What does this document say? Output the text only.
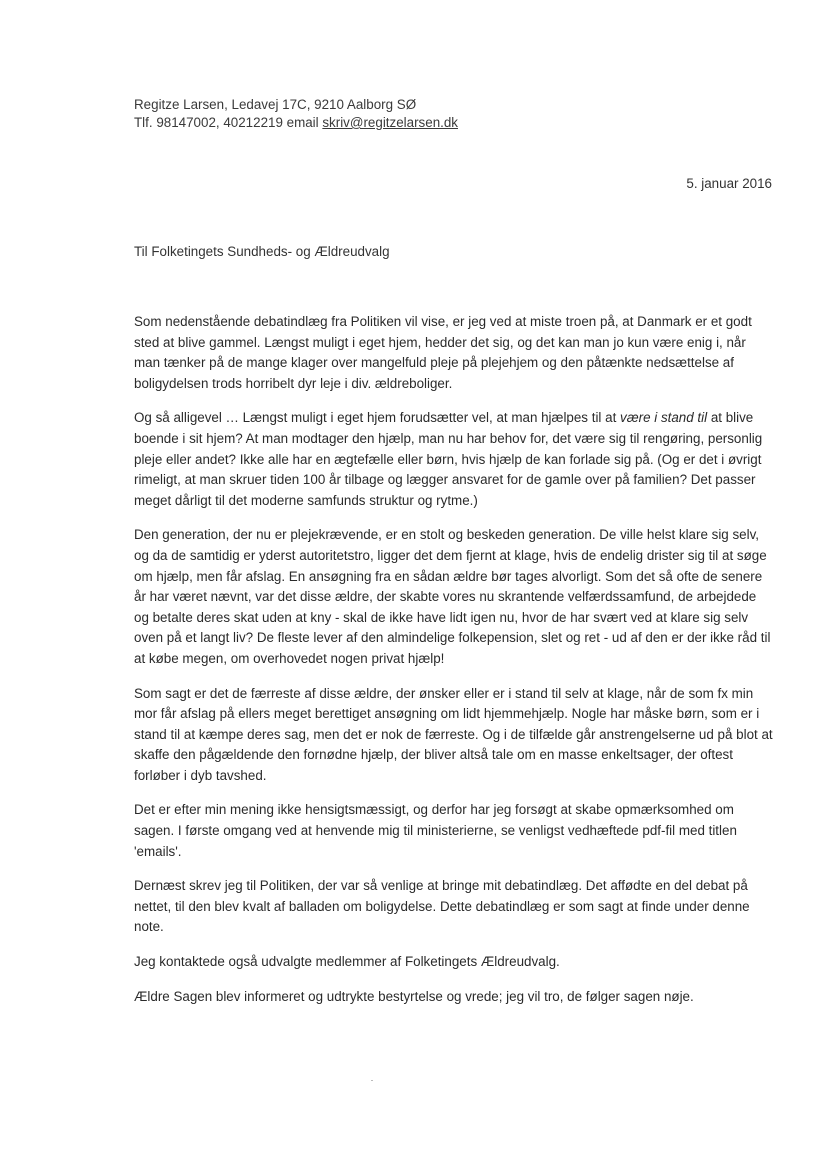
Regitze Larsen, Ledavej 17C, 9210 Aalborg SØ
Tlf. 98147002, 40212219 email skriv@regitzelarsen.dk
5. januar 2016
Til Folketingets Sundheds- og Ældreudvalg

Som nedenstående debatindlæg fra Politiken vil vise, er jeg ved at miste troen på, at Danmark er et godt sted at blive gammel. Længst muligt i eget hjem, hedder det sig, og det kan man jo kun være enig i, når man tænker på de mange klager over mangelfuld pleje på plejehjem og den påtænkte nedsættelse af boligydelsen trods horribelt dyr leje i div. ældreboliger.

Og så alligevel … Længst muligt i eget hjem forudsætter vel, at man hjælpes til at være i stand til at blive boende i sit hjem? At man modtager den hjælp, man nu har behov for, det være sig til rengøring, personlig pleje eller andet? Ikke alle har en ægtefælle eller børn, hvis hjælp de kan forlade sig på. (Og er det i øvrigt rimeligt, at man skruer tiden 100 år tilbage og lægger ansvaret for de gamle over på familien? Det passer meget dårligt til det moderne samfunds struktur og rytme.)

Den generation, der nu er plejekrævende, er en stolt og beskeden generation. De ville helst klare sig selv, og da de samtidig er yderst autoritetstro, ligger det dem fjernt at klage, hvis de endelig drister sig til at søge om hjælp, men får afslag. En ansøgning fra en sådan ældre bør tages alvorligt. Som det så ofte de senere år har været nævnt, var det disse ældre, der skabte vores nu skrantende velfærdssamfund, de arbejdede og betalte deres skat uden at kny - skal de ikke have lidt igen nu, hvor de har svært ved at klare sig selv oven på et langt liv? De fleste lever af den almindelige folkepension, slet og ret - ud af den er der ikke råd til at købe megen, om overhovedet nogen privat hjælp!

Som sagt er det de færreste af disse ældre, der ønsker eller er i stand til selv at klage, når de som fx min mor får afslag på ellers meget berettiget ansøgning om lidt hjemmehjælp. Nogle har måske børn, som er i stand til at kæmpe deres sag, men det er nok de færreste. Og i de tilfælde går anstrengelserne ud på blot at skaffe den pågældende den fornødne hjælp, der bliver altså tale om en masse enkeltsager, der oftest forløber i dyb tavshed.

Det er efter min mening ikke hensigtsmæssigt, og derfor har jeg forsøgt at skabe opmærksomhed om sagen. I første omgang ved at henvende mig til ministerierne, se venligst vedhæftede pdf-fil med titlen 'emails'.

Dernæst skrev jeg til Politiken, der var så venlige at bringe mit debatindlæg. Det affødte en del debat på nettet, til den blev kvalt af balladen om boligydelse. Dette debatindlæg er som sagt at finde under denne note.

Jeg kontaktede også udvalgte medlemmer af Folketingets Ældreudvalg.

Ældre Sagen blev informeret og udtrykte bestyrtelse og vrede; jeg vil tro, de følger sagen nøje.
